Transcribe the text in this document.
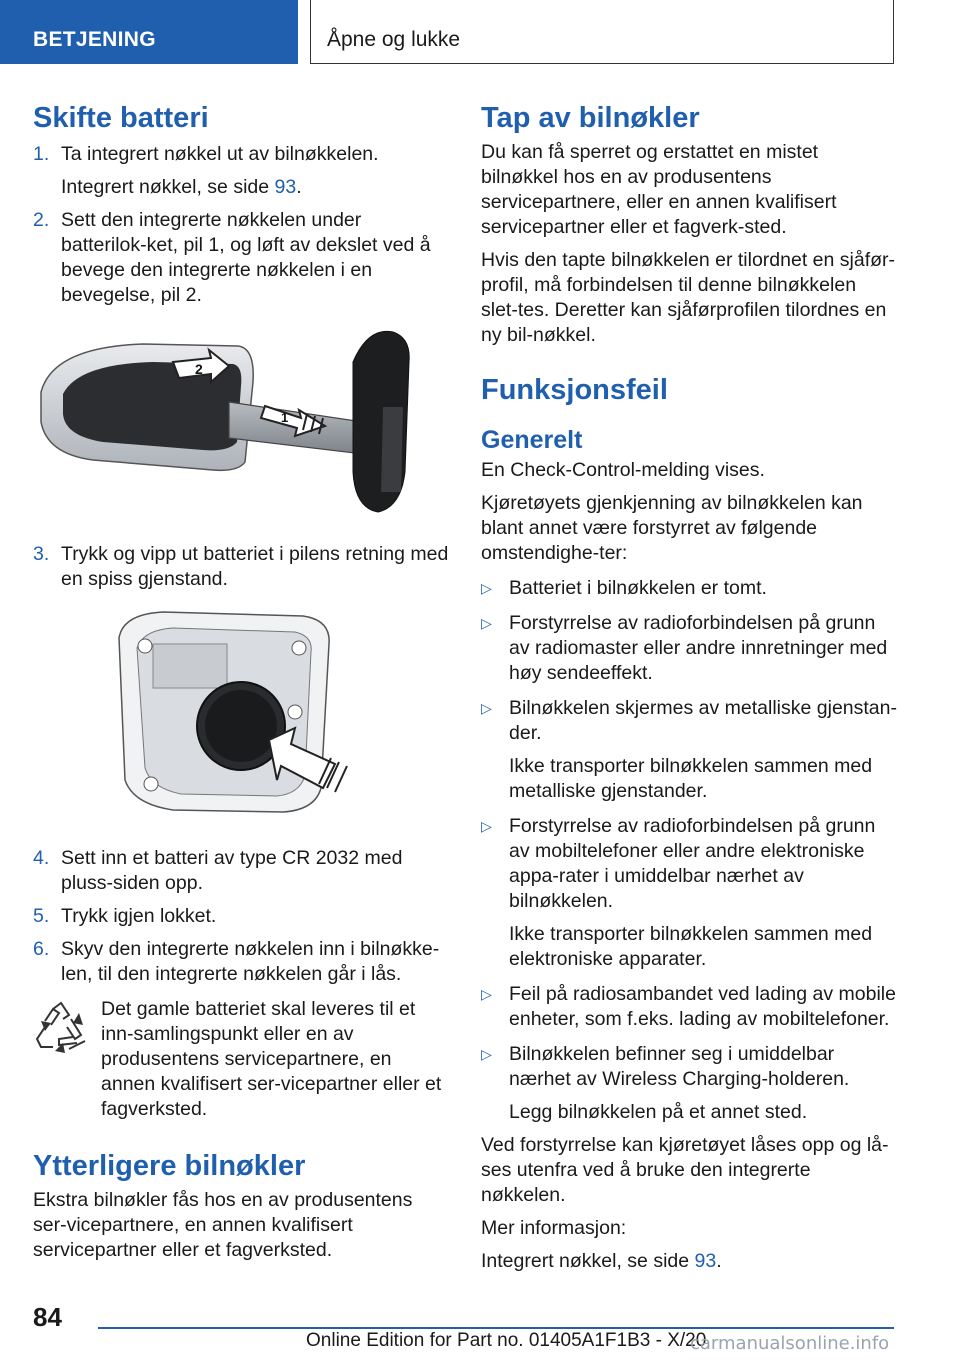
BETJENING	Åpne og lukke
Skifte batteri
1. Ta integrert nøkkel ut av bilnøkkelen.
Integrert nøkkel, se side 93.
2. Sett den integrerte nøkkelen under batterilok-ket, pil 1, og løft av dekslet ved å bevege den integrerte nøkkelen i en bevegelse, pil 2.
2
1
3. Trykk og vipp ut batteriet i pilens retning med en spiss gjenstand.
4. Sett inn et batteri av type CR 2032 med pluss-siden opp.
5. Trykk igjen lokket.
6. Skyv den integrerte nøkkelen inn i bilnøkke-len, til den integrerte nøkkelen går i lås.
Det gamle batteriet skal leveres til et inn-samlingspunkt eller en av produsentens servicepartnere, en annen kvalifisert ser-vicepartner eller et fagverksted.
Ytterligere bilnøkler

Ekstra bilnøkler fås hos en av produsentens ser-vicepartnere, en annen kvalifisert servicepartner eller et fagverksted.

Tap av bilnøkler

Du kan få sperret og erstattet en mistet bilnøkkel hos en av produsentens servicepartnere, eller en annen kvalifisert servicepartner eller et fagverk-sted.

Hvis den tapte bilnøkkelen er tilordnet en sjåfør-profil, må forbindelsen til denne bilnøkkelen slet-tes. Deretter kan sjåførprofilen tilordnes en ny bil-nøkkel.

Funksjonsfeil
Generelt

En Check-Control-melding vises.

Kjøretøyets gjenkjenning av bilnøkkelen kan blant annet være forstyrret av følgende omstendighe-ter:

▷ Batteriet i bilnøkkelen er tomt.
▷ Forstyrrelse av radioforbindelsen på grunn av radiomaster eller andre innretninger med høy sendeeffekt.
▷ Bilnøkkelen skjermes av metalliske gjenstan-der.
Ikke transporter bilnøkkelen sammen med metalliske gjenstander.
▷ Forstyrrelse av radioforbindelsen på grunn av mobiltelefoner eller andre elektroniske appa-rater i umiddelbar nærhet av bilnøkkelen.
Ikke transporter bilnøkkelen sammen med elektroniske apparater.
▷ Feil på radiosambandet ved lading av mobile enheter, som f.eks. lading av mobiltelefoner.
▷ Bilnøkkelen befinner seg i umiddelbar nærhet av Wireless Charging-holderen.
Legg bilnøkkelen på et annet sted.

Ved forstyrrelse kan kjøretøyet låses opp og lå-ses utenfra ved å bruke den integrerte nøkkelen.

Mer informasjon:

Integrert nøkkel, se side 93.

84
Online Edition for Part no. 01405A1F1B3 - X/20
carmanualsonline.info
